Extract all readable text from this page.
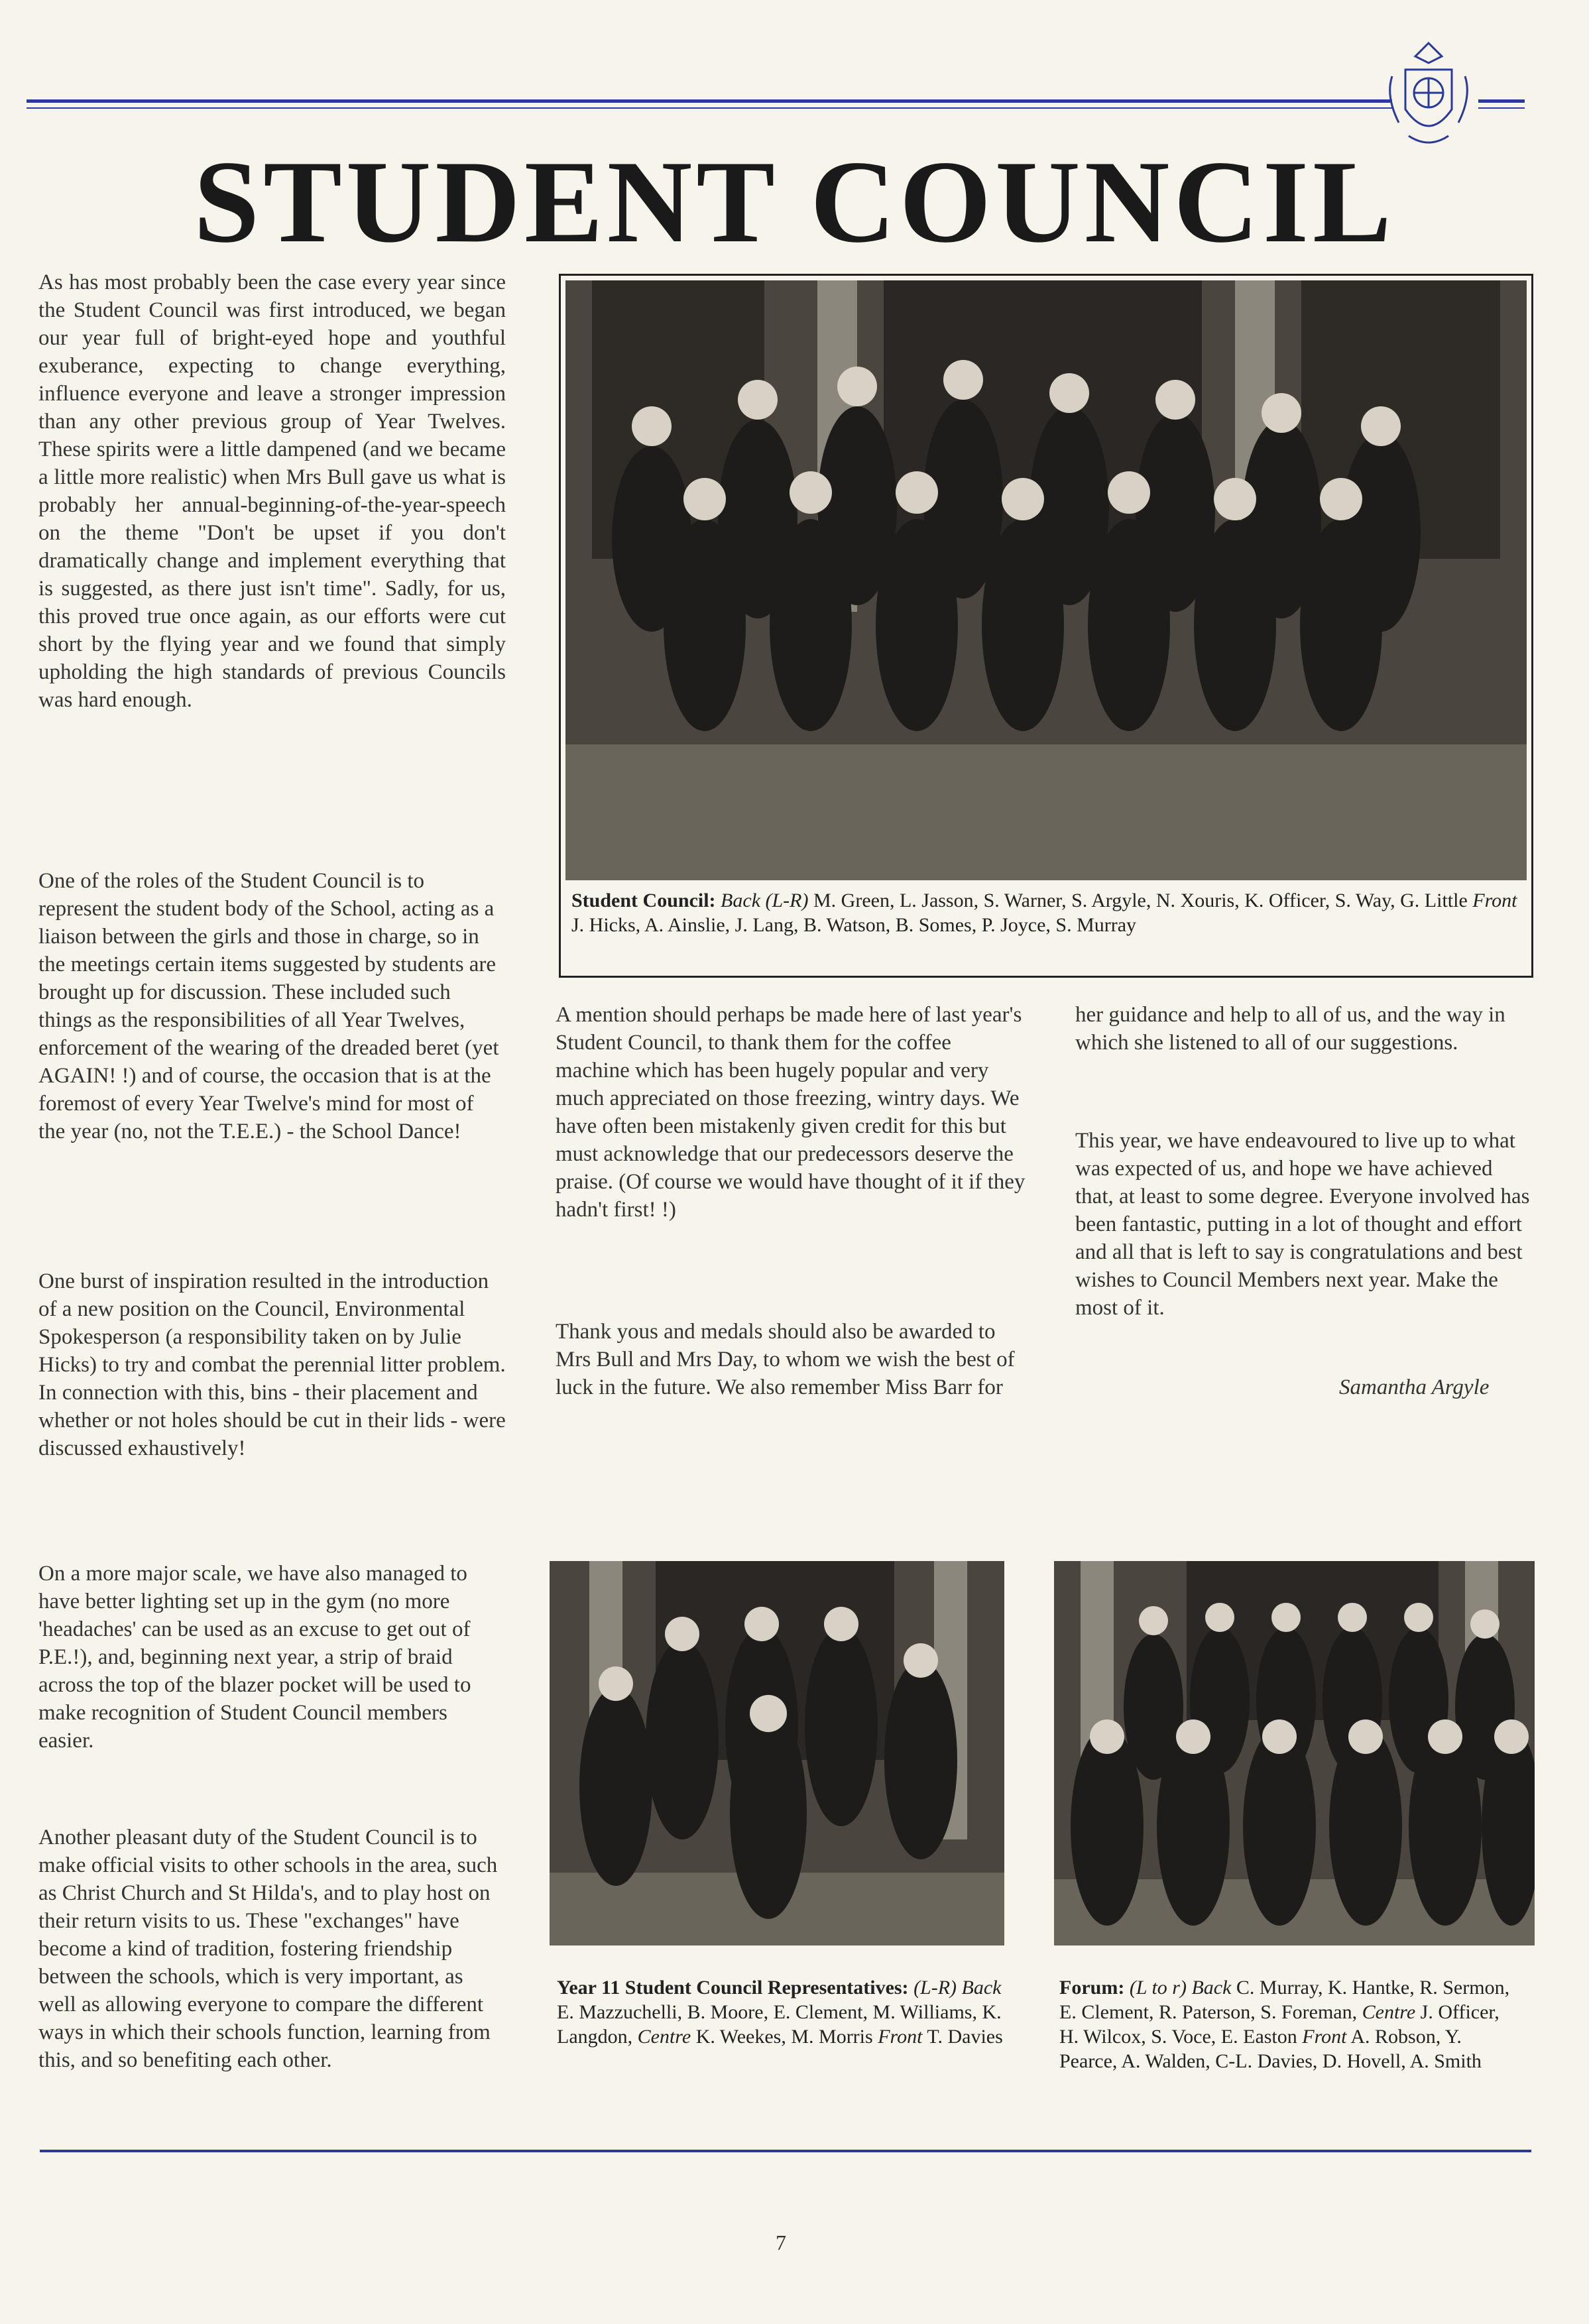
STUDENT COUNCIL

As has most probably been the case every year since the Student Council was first introduced, we began our year full of bright-eyed hope and youthful exuberance, expecting to change everything, influence everyone and leave a stronger impression than any other previous group of Year Twelves. These spirits were a little dampened (and we became a little more realistic) when Mrs Bull gave us what is probably her annual-beginning-of-the-year-speech on the theme "Don't be upset if you don't dramatically change and implement everything that is suggested, as there just isn't time". Sadly, for us, this proved true once again, as our efforts were cut short by the flying year and we found that simply upholding the high standards of previous Councils was hard enough.

One of the roles of the Student Council is to represent the student body of the School, acting as a liaison between the girls and those in charge, so in the meetings certain items suggested by students are brought up for discussion. These included such things as the responsibilities of all Year Twelves, enforcement of the wearing of the dreaded beret (yet AGAIN! !) and of course, the occasion that is at the foremost of every Year Twelve's mind for most of the year (no, not the T.E.E.) - the School Dance!

One burst of inspiration resulted in the introduction of a new position on the Council, Environmental Spokesperson (a responsibility taken on by Julie Hicks) to try and combat the perennial litter problem. In connection with this, bins - their placement and whether or not holes should be cut in their lids - were discussed exhaustively!

On a more major scale, we have also managed to have better lighting set up in the gym (no more 'headaches' can be used as an excuse to get out of P.E.!), and, beginning next year, a strip of braid across the top of the blazer pocket will be used to make recognition of Student Council members easier.

Another pleasant duty of the Student Council is to make official visits to other schools in the area, such as Christ Church and St Hilda's, and to play host on their return visits to us. These "exchanges" have become a kind of tradition, fostering friendship between the schools, which is very important, as well as allowing everyone to compare the different ways in which their schools function, learning from this, and so benefiting each other.

Student Council: Back (L-R) M. Green, L. Jasson, S. Warner, S. Argyle, N. Xouris, K. Officer, S. Way, G. Little Front J. Hicks, A. Ainslie, J. Lang, B. Watson, B. Somes, P. Joyce, S. Murray

A mention should perhaps be made here of last year's Student Council, to thank them for the coffee machine which has been hugely popular and very much appreciated on those freezing, wintry days. We have often been mistakenly given credit for this but must acknowledge that our predecessors deserve the praise. (Of course we would have thought of it if they hadn't first! !)

Thank yous and medals should also be awarded to Mrs Bull and Mrs Day, to whom we wish the best of luck in the future. We also remember Miss Barr for

her guidance and help to all of us, and the way in which she listened to all of our suggestions.

This year, we have endeavoured to live up to what was expected of us, and hope we have achieved that, at least to some degree. Everyone involved has been fantastic, putting in a lot of thought and effort and all that is left to say is congratulations and best wishes to Council Members next year. Make the most of it.

Samantha Argyle
Year 11 Student Council Representatives: (L-R) Back E. Mazzuchelli, B. Moore, E. Clement, M. Williams, K. Langdon, Centre K. Weekes, M. Morris Front T. Davies
Forum: (L to r) Back C. Murray, K. Hantke, R. Sermon, E. Clement, R. Paterson, S. Foreman, Centre J. Officer, H. Wilcox, S. Voce, E. Easton Front A. Robson, Y. Pearce, A. Walden, C-L. Davies, D. Hovell, A. Smith
7
